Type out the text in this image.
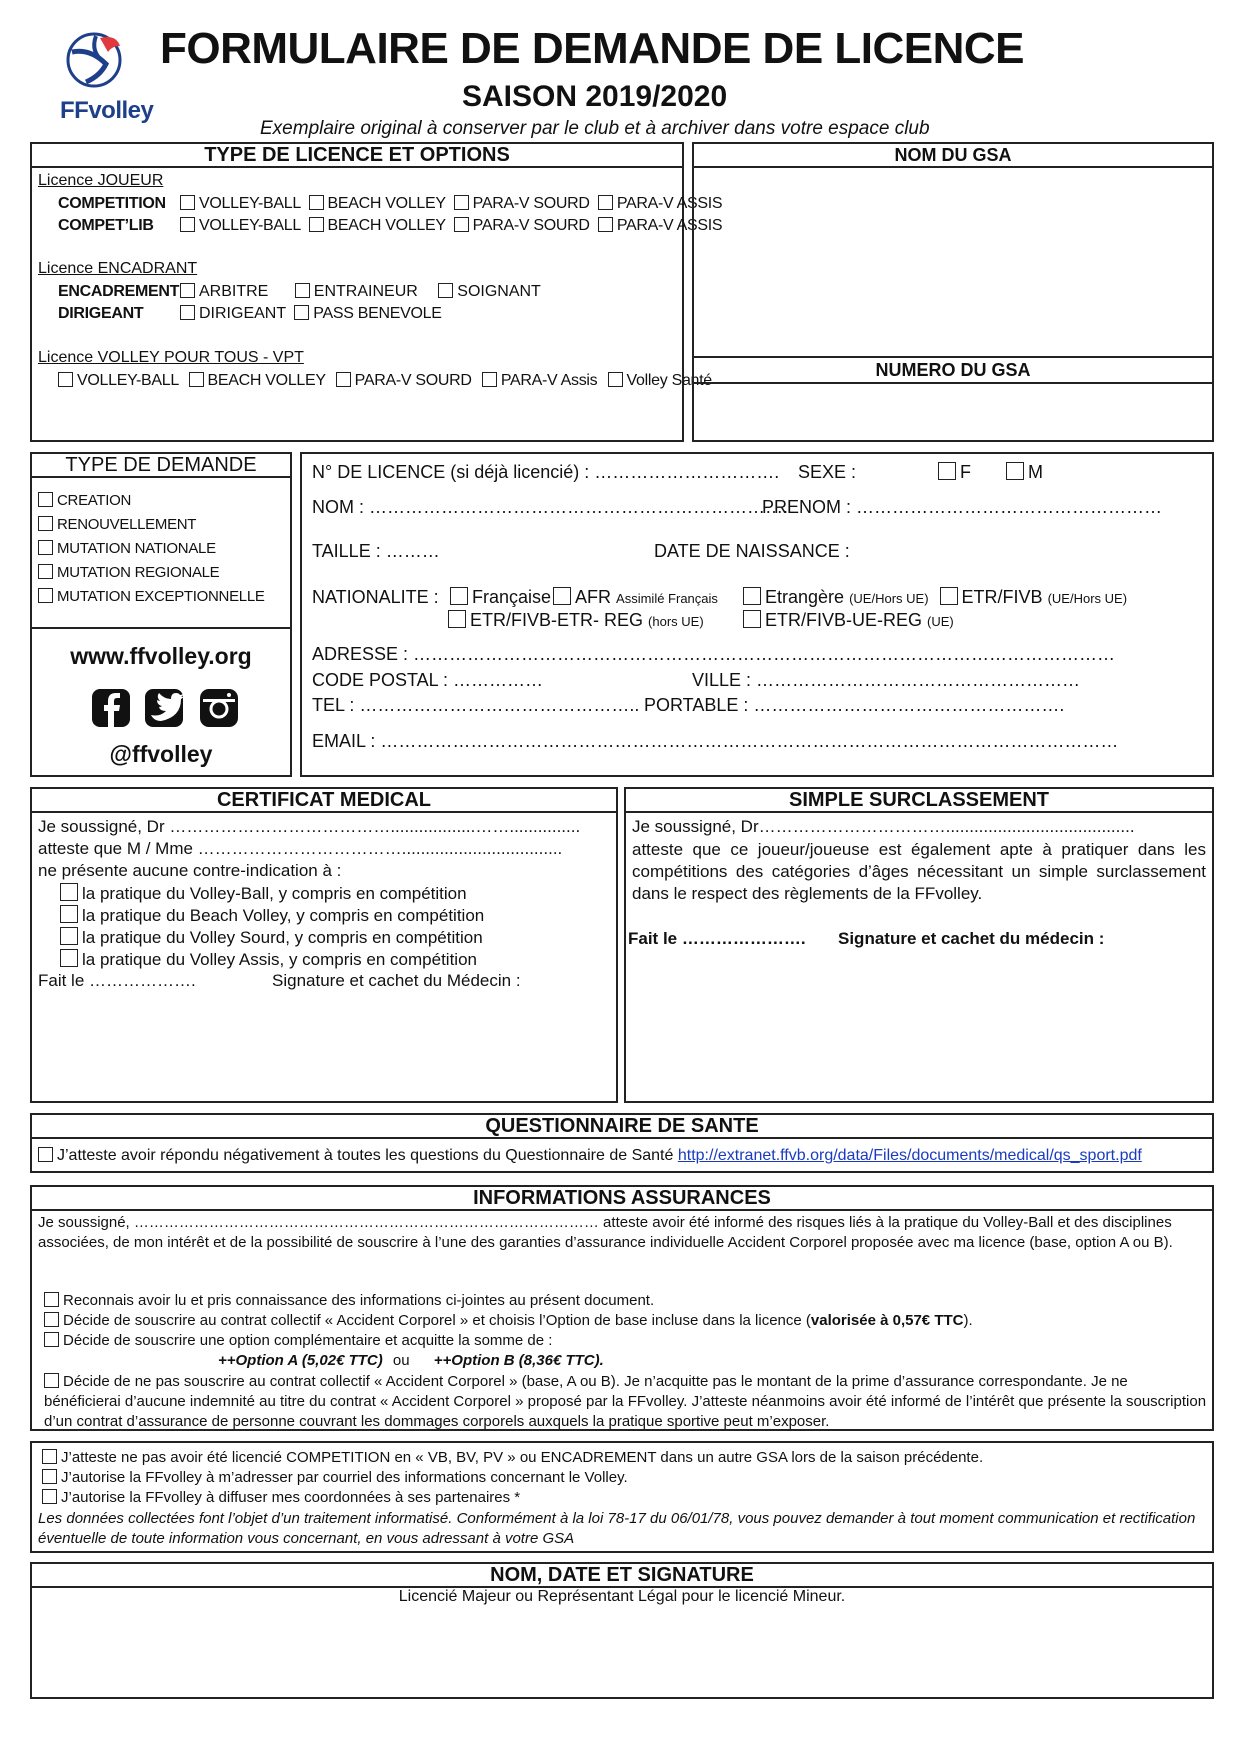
FFvolley
FORMULAIRE DE DEMANDE DE LICENCE
SAISON 2019/2020
Exemplaire original à conserver par le club et à archiver dans votre espace club
TYPE DE LICENCE ET OPTIONS
Licence JOUEUR
COMPETITION	VOLLEY-BALL BEACH VOLLEY PARA-V SOURD PARA-V ASSIS
COMPET’LIB	VOLLEY-BALL BEACH VOLLEY PARA-V SOURD PARA-V ASSIS
Licence ENCADRANT
ENCADREMENT	ARBITRE	ENTRAINEUR SOIGNANT
DIRIGEANT	DIRIGEANT PASS BENEVOLE
Licence VOLLEY POUR TOUS - VPT
VOLLEY-BALL BEACH VOLLEY PARA-V SOURD PARA-V Assis Volley Santé
NOM DU GSA
NUMERO DU GSA
TYPE DE DEMANDE
CREATION
RENOUVELLEMENT
MUTATION NATIONALE
MUTATION REGIONALE
MUTATION EXCEPTIONNELLE
www.ffvolley.org
@ffvolley
N° DE LICENCE (si déjà licencié) : …………………………. SEXE :	F	M
NOM : …………………………………………………………….
PRENOM : ……………………………………………
TAILLE : ………	DATE DE NAISSANCE :
NATIONALITE :	Française AFR Assimilé Français	Etrangère (UE/Hors UE) ETR/FIVB (UE/Hors UE)
ETR/FIVB-ETR- REG (hors UE)	ETR/FIVB-UE-REG (UE)
ADRESSE : ………………………………………………………………………………………………………
CODE POSTAL : ……………	VILLE : ………………………………………………
TEL : ……………………………………….. PORTABLE : …………………………………………….
EMAIL : ……………………………………………………………………………………………………………
CERTIFICAT MEDICAL
Je soussigné, Dr …………………………………..................……...............
atteste que M / Mme ………………………………..................................
ne présente aucune contre-indication à :
la pratique du Volley-Ball, y compris en compétition
la pratique du Beach Volley, y compris en compétition
la pratique du Volley Sourd, y compris en compétition
la pratique du Volley Assis, y compris en compétition
Fait le ……………….	Signature et cachet du Médecin :
SIMPLE SURCLASSEMENT
Je soussigné, Dr……………………………........................................
atteste que ce joueur/joueuse est également apte à pratiquer dans les compétitions des catégories d’âges nécessitant un simple surclassement dans le respect des règlements de la FFvolley.
Fait le …………………. Signature et cachet du médecin :
QUESTIONNAIRE DE SANTE
J’atteste avoir répondu négativement à toutes les questions du Questionnaire de Santé http://extranet.ffvb.org/data/Files/documents/medical/qs_sport.pdf
INFORMATIONS ASSURANCES
Je soussigné, ………………………………………………………………………………… atteste avoir été informé des risques liés à la pratique du Volley-Ball et des disciplines associées, de mon intérêt et de la possibilité de souscrire à l’une des garanties d’assurance individuelle Accident Corporel proposée avec ma licence (base, option A ou B).
Reconnais avoir lu et pris connaissance des informations ci-jointes au présent document.
Décide de souscrire au contrat collectif « Accident Corporel » et choisis l’Option de base incluse dans la licence (valorisée à 0,57€ TTC).
Décide de souscrire une option complémentaire et acquitte la somme de :
++Option A (5,02€ TTC) ou ++Option B (8,36€ TTC).
Décide de ne pas souscrire au contrat collectif « Accident Corporel » (base, A ou B). Je n’acquitte pas le montant de la prime d’assurance correspondante. Je ne bénéficierai d’aucune indemnité au titre du contrat « Accident Corporel » proposé par la FFvolley. J’atteste néanmoins avoir été informé de l’intérêt que présente la souscription d’un contrat d’assurance de personne couvrant les dommages corporels auxquels la pratique sportive peut m’exposer.
J’atteste ne pas avoir été licencié COMPETITION en « VB, BV, PV » ou ENCADREMENT dans un autre GSA lors de la saison précédente.
J’autorise la FFvolley à m’adresser par courriel des informations concernant le Volley.
J’autorise la FFvolley à diffuser mes coordonnées à ses partenaires *
Les données collectées font l’objet d’un traitement informatisé. Conformément à la loi 78-17 du 06/01/78, vous pouvez demander à tout moment communication et rectification éventuelle de toute information vous concernant, en vous adressant à votre GSA
NOM, DATE ET SIGNATURE
Licencié Majeur ou Représentant Légal pour le licencié Mineur.
